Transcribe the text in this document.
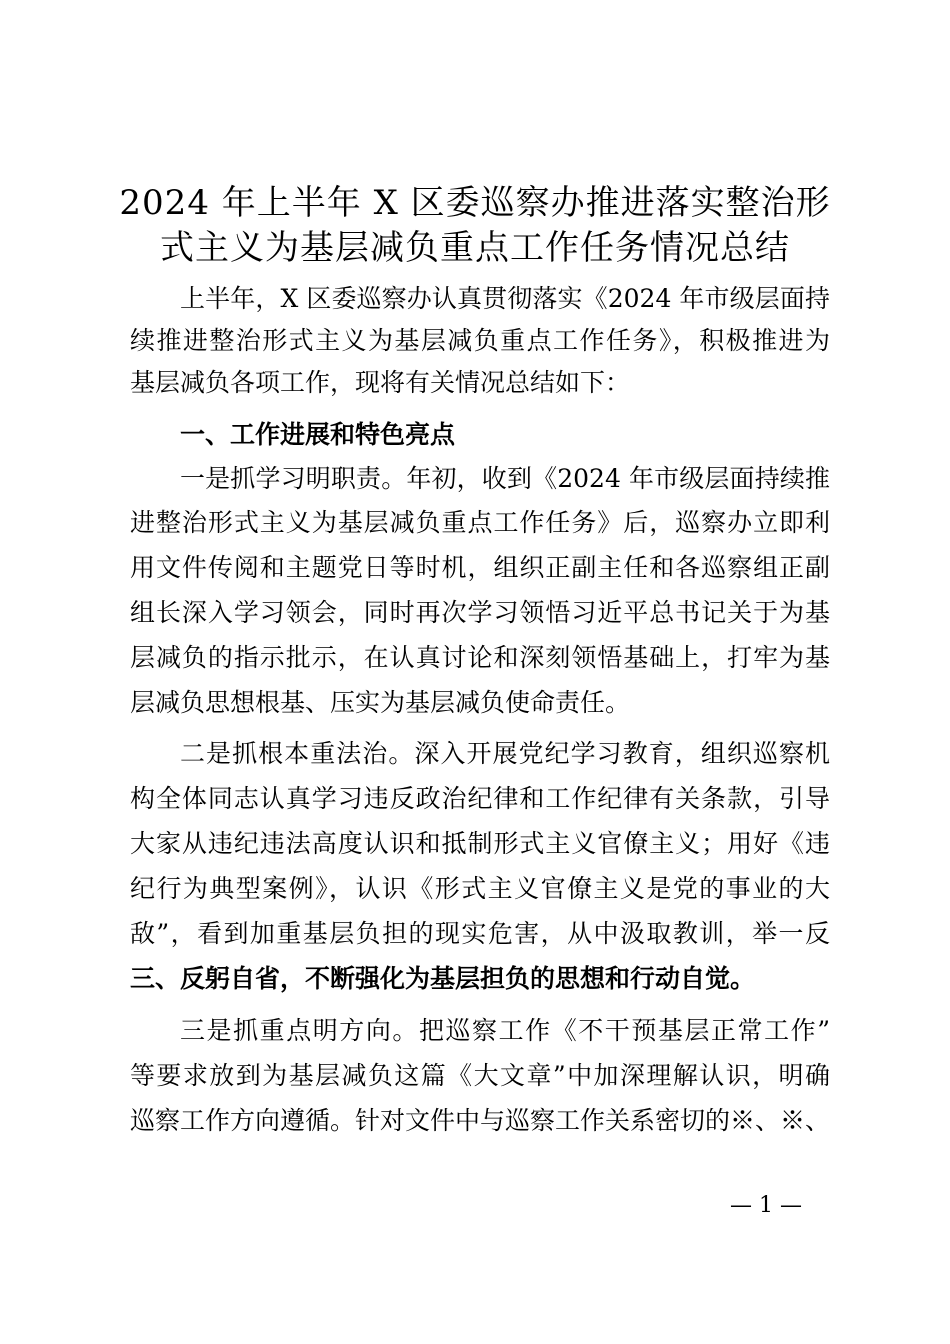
2024 年上半年 X 区委巡察办推进落实整治形
式主义为基层减负重点工作任务情况总结
上半年，X 区委巡察办认真贯彻落实《2024 年市级层面持
续推进整治形式主义为基层减负重点工作任务》，积极推进为
基层减负各项工作，现将有关情况总结如下：
一、工作进展和特色亮点
一是抓学习明职责。年初，收到《2024 年市级层面持续推
进整治形式主义为基层减负重点工作任务》后，巡察办立即利
用文件传阅和主题党日等时机，组织正副主任和各巡察组正副
组长深入学习领会，同时再次学习领悟习近平总书记关于为基
层减负的指示批示，在认真讨论和深刻领悟基础上，打牢为基
层减负思想根基、压实为基层减负使命责任。
二是抓根本重法治。深入开展党纪学习教育，组织巡察机
构全体同志认真学习违反政治纪律和工作纪律有关条款，引导
大家从违纪违法高度认识和抵制形式主义官僚主义；用好《违
纪行为典型案例》，认识《形式主义官僚主义是党的事业的大
敌”，看到加重基层负担的现实危害，从中汲取教训，举一反
三、反躬自省，不断强化为基层担负的思想和行动自觉。
三是抓重点明方向。把巡察工作《不干预基层正常工作”
等要求放到为基层减负这篇《大文章”中加深理解认识，明确
巡察工作方向遵循。针对文件中与巡察工作关系密切的※、※、
— 1 —
